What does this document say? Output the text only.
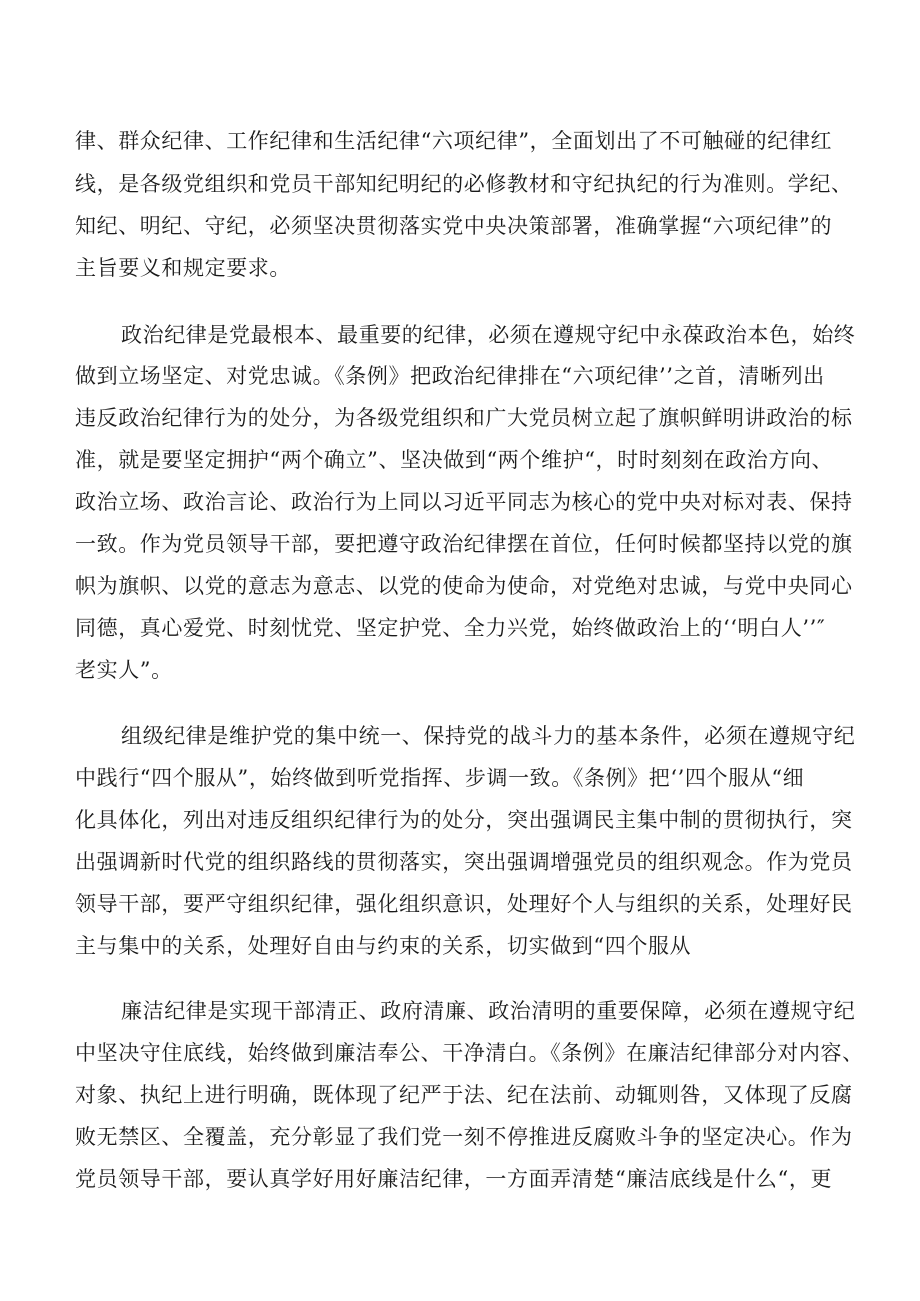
律、群众纪律、工作纪律和生活纪律“六项纪律”，全面划出了不可触碰的纪律红
线，是各级党组织和党员干部知纪明纪的必修教材和守纪执纪的行为准则。学纪、
知纪、明纪、守纪，必须坚决贯彻落实党中央决策部署，准确掌握“六项纪律”的
主旨要义和规定要求。
政治纪律是党最根本、最重要的纪律，必须在遵规守纪中永葆政治本色，始终
做到立场坚定、对党忠诚。《条例》把政治纪律排在“六项纪律’’之首，清晰列出
违反政治纪律行为的处分，为各级党组织和广大党员树立起了旗帜鲜明讲政治的标
准，就是要坚定拥护“两个确立”、坚决做到“两个维护“，时时刻刻在政治方向、
政治立场、政治言论、政治行为上同以习近平同志为核心的党中央对标对表、保持
一致。作为党员领导干部，要把遵守政治纪律摆在首位，任何时候都坚持以党的旗
帜为旗帜、以党的意志为意志、以党的使命为使命，对党绝对忠诚，与党中央同心
同德，真心爱党、时刻忧党、坚定护党、全力兴党，始终做政治上的‘‘明白人’’″
老实人”。
组级纪律是维护党的集中统一、保持党的战斗力的基本条件，必须在遵规守纪
中践行“四个服从”，始终做到听党指挥、步调一致。《条例》把‘’四个服从“细
化具体化，列出对违反组织纪律行为的处分，突出强调民主集中制的贯彻执行，突
出强调新时代党的组织路线的贯彻落实，突出强调增强党员的组织观念。作为党员
领导干部，要严守组织纪律，强化组织意识，处理好个人与组织的关系，处理好民
主与集中的关系，处理好自由与约束的关系，切实做到“四个服从
廉洁纪律是实现干部清正、政府清廉、政治清明的重要保障，必须在遵规守纪
中坚决守住底线，始终做到廉洁奉公、干净清白。《条例》在廉洁纪律部分对内容、
对象、执纪上进行明确，既体现了纪严于法、纪在法前、动辄则咎，又体现了反腐
败无禁区、全覆盖，充分彰显了我们党一刻不停推进反腐败斗争的坚定决心。作为
党员领导干部，要认真学好用好廉洁纪律，一方面弄清楚“廉洁底线是什么“，更
